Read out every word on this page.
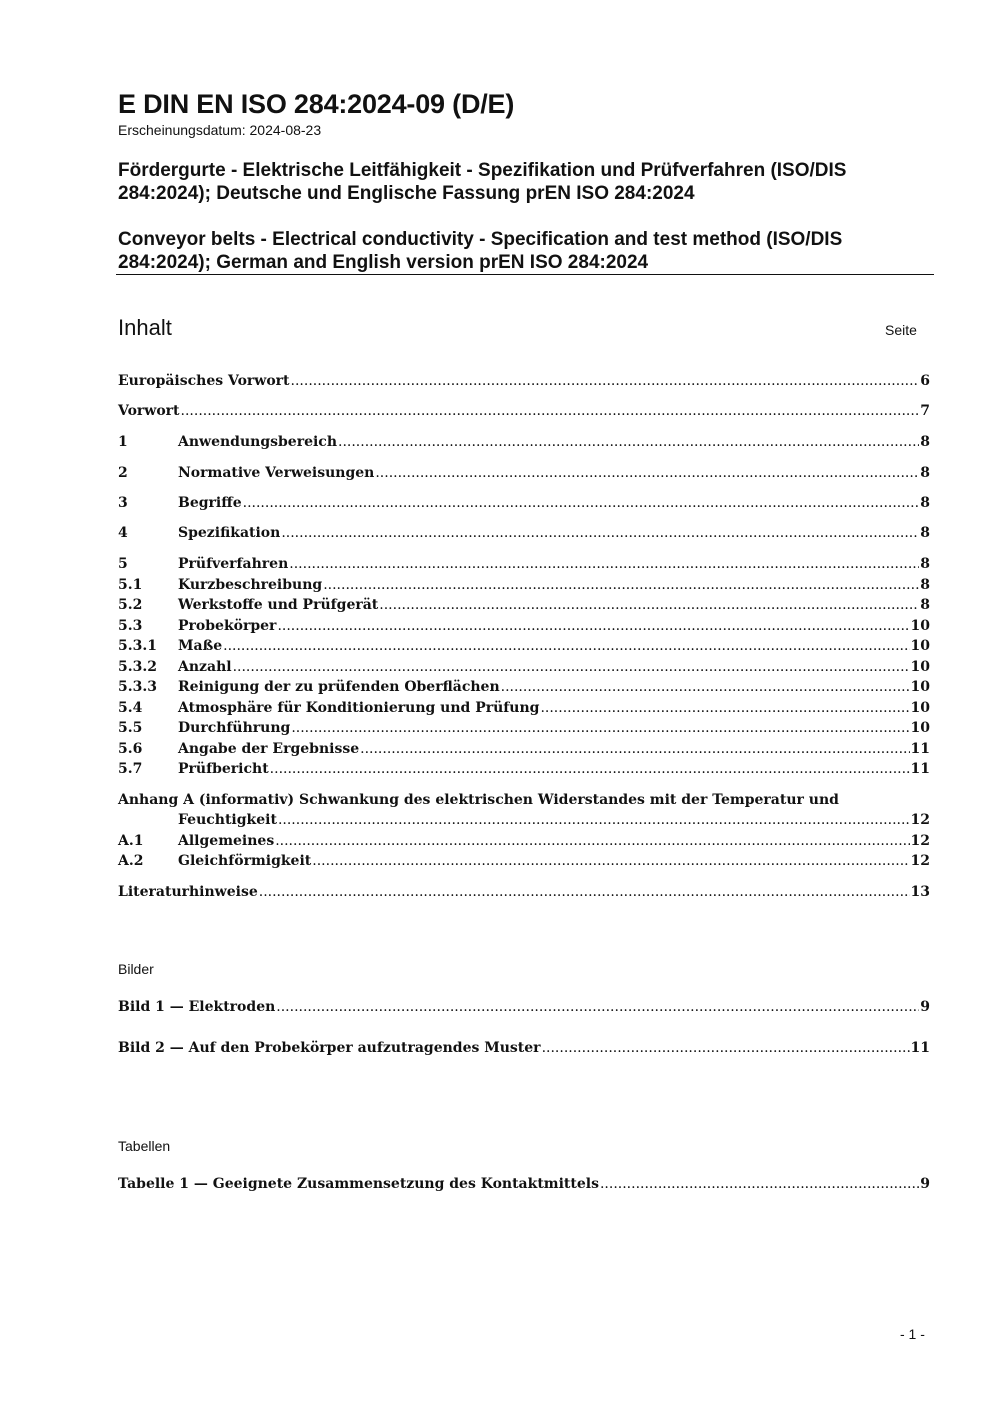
E DIN EN ISO 284:2024-09 (D/E)
Erscheinungsdatum: 2024-08-23
Fördergurte - Elektrische Leitfähigkeit - Spezifikation und Prüfverfahren (ISO/DIS 284:2024); Deutsche und Englische Fassung prEN ISO 284:2024
Conveyor belts - Electrical conductivity - Specification and test method (ISO/DIS 284:2024); German and English version prEN ISO 284:2024
Inhalt	Seite
Europäisches Vorwort .....	6
Vorwort .....	7
1	Anwendungsbereich .....	8
2	Normative Verweisungen .....	8
3	Begriffe .....	8
4	Spezifikation .....	8
5	Prüfverfahren .....	8
5.1	Kurzbeschreibung .....	8
5.2	Werkstoffe und Prüfgerät .....	8
5.3	Probekörper .....	10
5.3.1	Maße .....	10
5.3.2	Anzahl .....	10
5.3.3	Reinigung der zu prüfenden Oberflächen .....	10
5.4	Atmosphäre für Konditionierung und Prüfung .....	10
5.5	Durchführung .....	10
5.6	Angabe der Ergebnisse .....	11
5.7	Prüfbericht .....	11
Anhang A (informativ) Schwankung des elektrischen Widerstandes mit der Temperatur und
Feuchtigkeit .....	12
A.1	Allgemeines .....	12
A.2	Gleichförmigkeit .....	12
Literaturhinweise .....	13
Bilder
Bild 1 — Elektroden .....	9
Bild 2 — Auf den Probekörper aufzutragendes Muster .....	11
Tabellen
Tabelle 1 — Geeignete Zusammensetzung des Kontaktmittels .....	9
- 1 -
